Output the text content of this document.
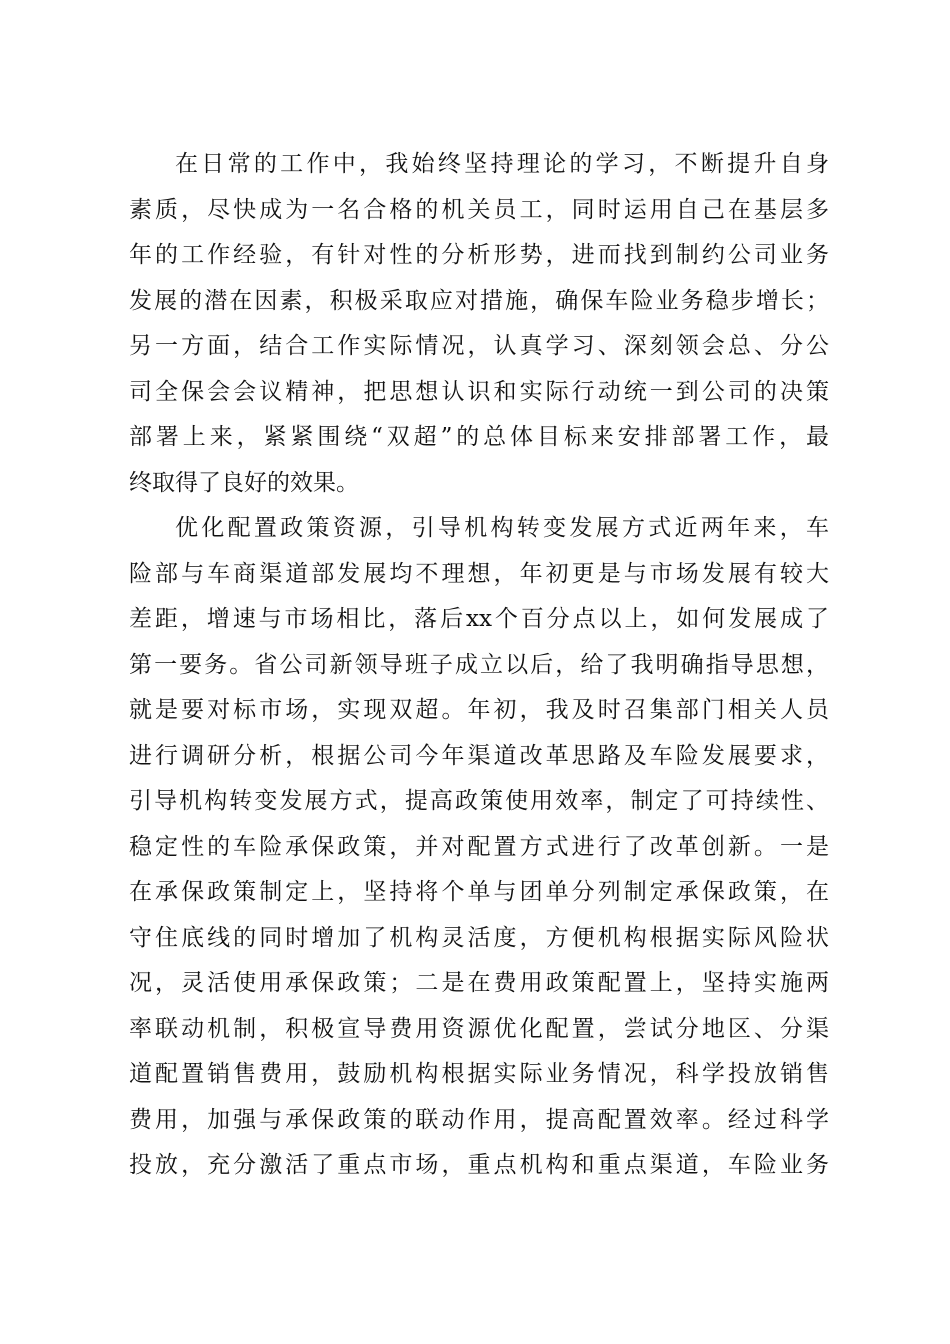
在日常的工作中，我始终坚持理论的学习，不断提升自身
素质，尽快成为一名合格的机关员工，同时运用自己在基层多
年的工作经验，有针对性的分析形势，进而找到制约公司业务
发展的潜在因素，积极采取应对措施，确保车险业务稳步增长；
另一方面，结合工作实际情况，认真学习、深刻领会总、分公
司全保会会议精神，把思想认识和实际行动统一到公司的决策
部署上来，紧紧围绕“双超”的总体目标来安排部署工作，最
终取得了良好的效果。
优化配置政策资源，引导机构转变发展方式近两年来，车
险部与车商渠道部发展均不理想，年初更是与市场发展有较大
差距，增速与市场相比，落后xx个百分点以上，如何发展成了
第一要务。省公司新领导班子成立以后，给了我明确指导思想，
就是要对标市场，实现双超。年初，我及时召集部门相关人员
进行调研分析，根据公司今年渠道改革思路及车险发展要求，
引导机构转变发展方式，提高政策使用效率，制定了可持续性、
稳定性的车险承保政策，并对配置方式进行了改革创新。一是
在承保政策制定上，坚持将个单与团单分列制定承保政策，在
守住底线的同时增加了机构灵活度，方便机构根据实际风险状
况，灵活使用承保政策；二是在费用政策配置上，坚持实施两
率联动机制，积极宣导费用资源优化配置，尝试分地区、分渠
道配置销售费用，鼓励机构根据实际业务情况，科学投放销售
费用，加强与承保政策的联动作用，提高配置效率。经过科学
投放，充分激活了重点市场，重点机构和重点渠道，车险业务
